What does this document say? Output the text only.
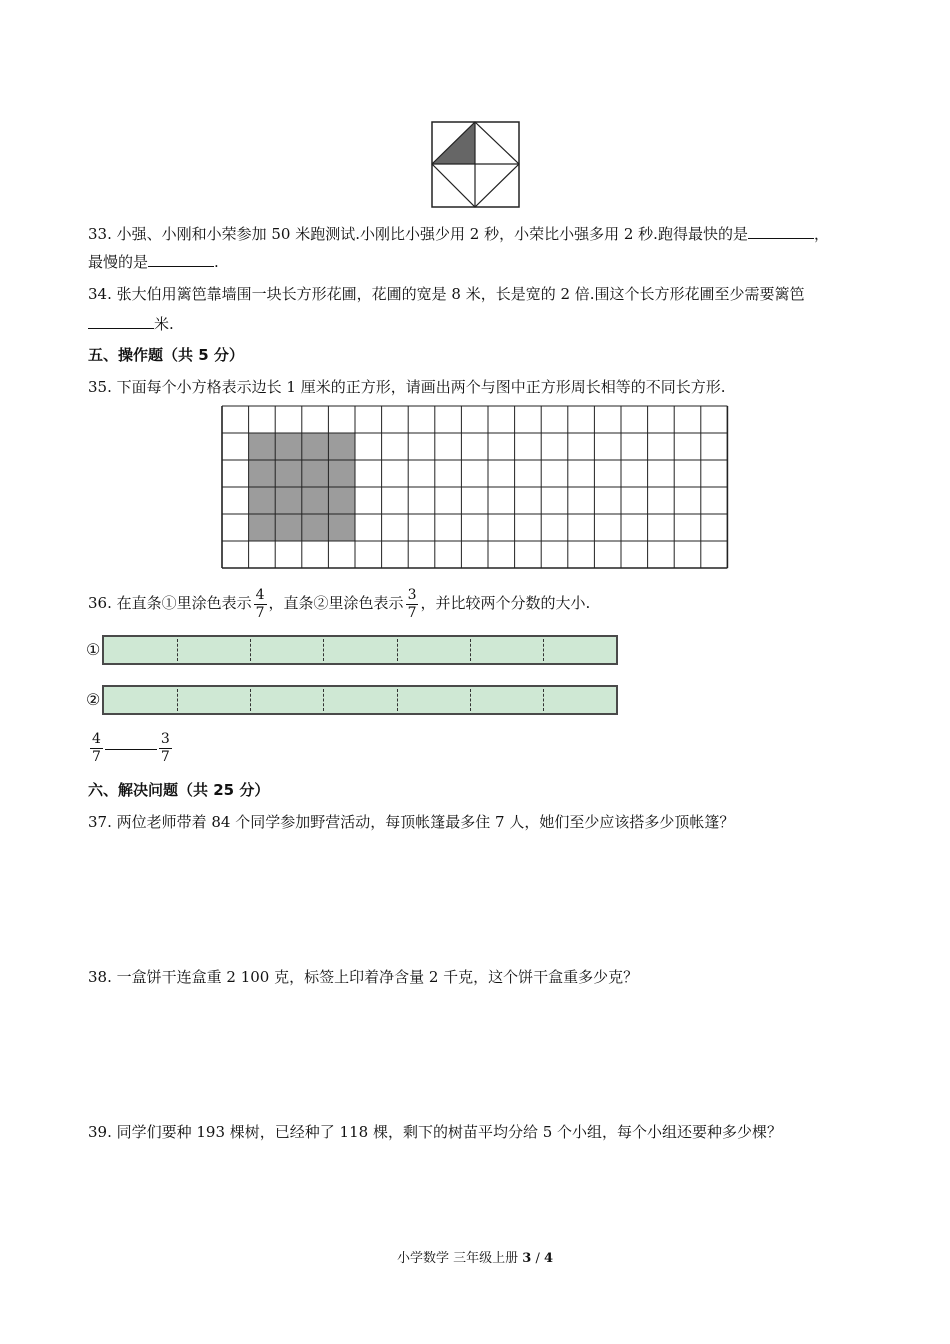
33. 小强、小刚和小荣参加 50 米跑测试.小刚比小强少用 2 秒，小荣比小强多用 2 秒.跑得最快的是	，
最慢的是	.
34. 张大伯用篱笆靠墙围一块长方形花圃，花圃的宽是 8 米，长是宽的 2 倍.围这个长方形花圃至少需要篱笆
米.
五、操作题（共 5 分）
35. 下面每个小方格表示边长 1 厘米的正方形，请画出两个与图中正方形周长相等的不同长方形.
36. 在直条①里涂色表示 $\frac{4}{7}$ ，直条②里涂色表示 $\frac{3}{7}$ ，并比较两个分数的大小.
①
②
$\frac{4}{7}$	$\frac{3}{7}$
六、解决问题（共 25 分）
37. 两位老师带着 84 个同学参加野营活动，每顶帐篷最多住 7 人，她们至少应该搭多少顶帐篷？
38. 一盒饼干连盒重 2 100 克，标签上印着净含量 2 千克，这个饼干盒重多少克？
39. 同学们要种 193 棵树，已经种了 118 棵，剩下的树苗平均分给 5 个小组，每个小组还要种多少棵？
小学数学 三年级上册 3 / 4
